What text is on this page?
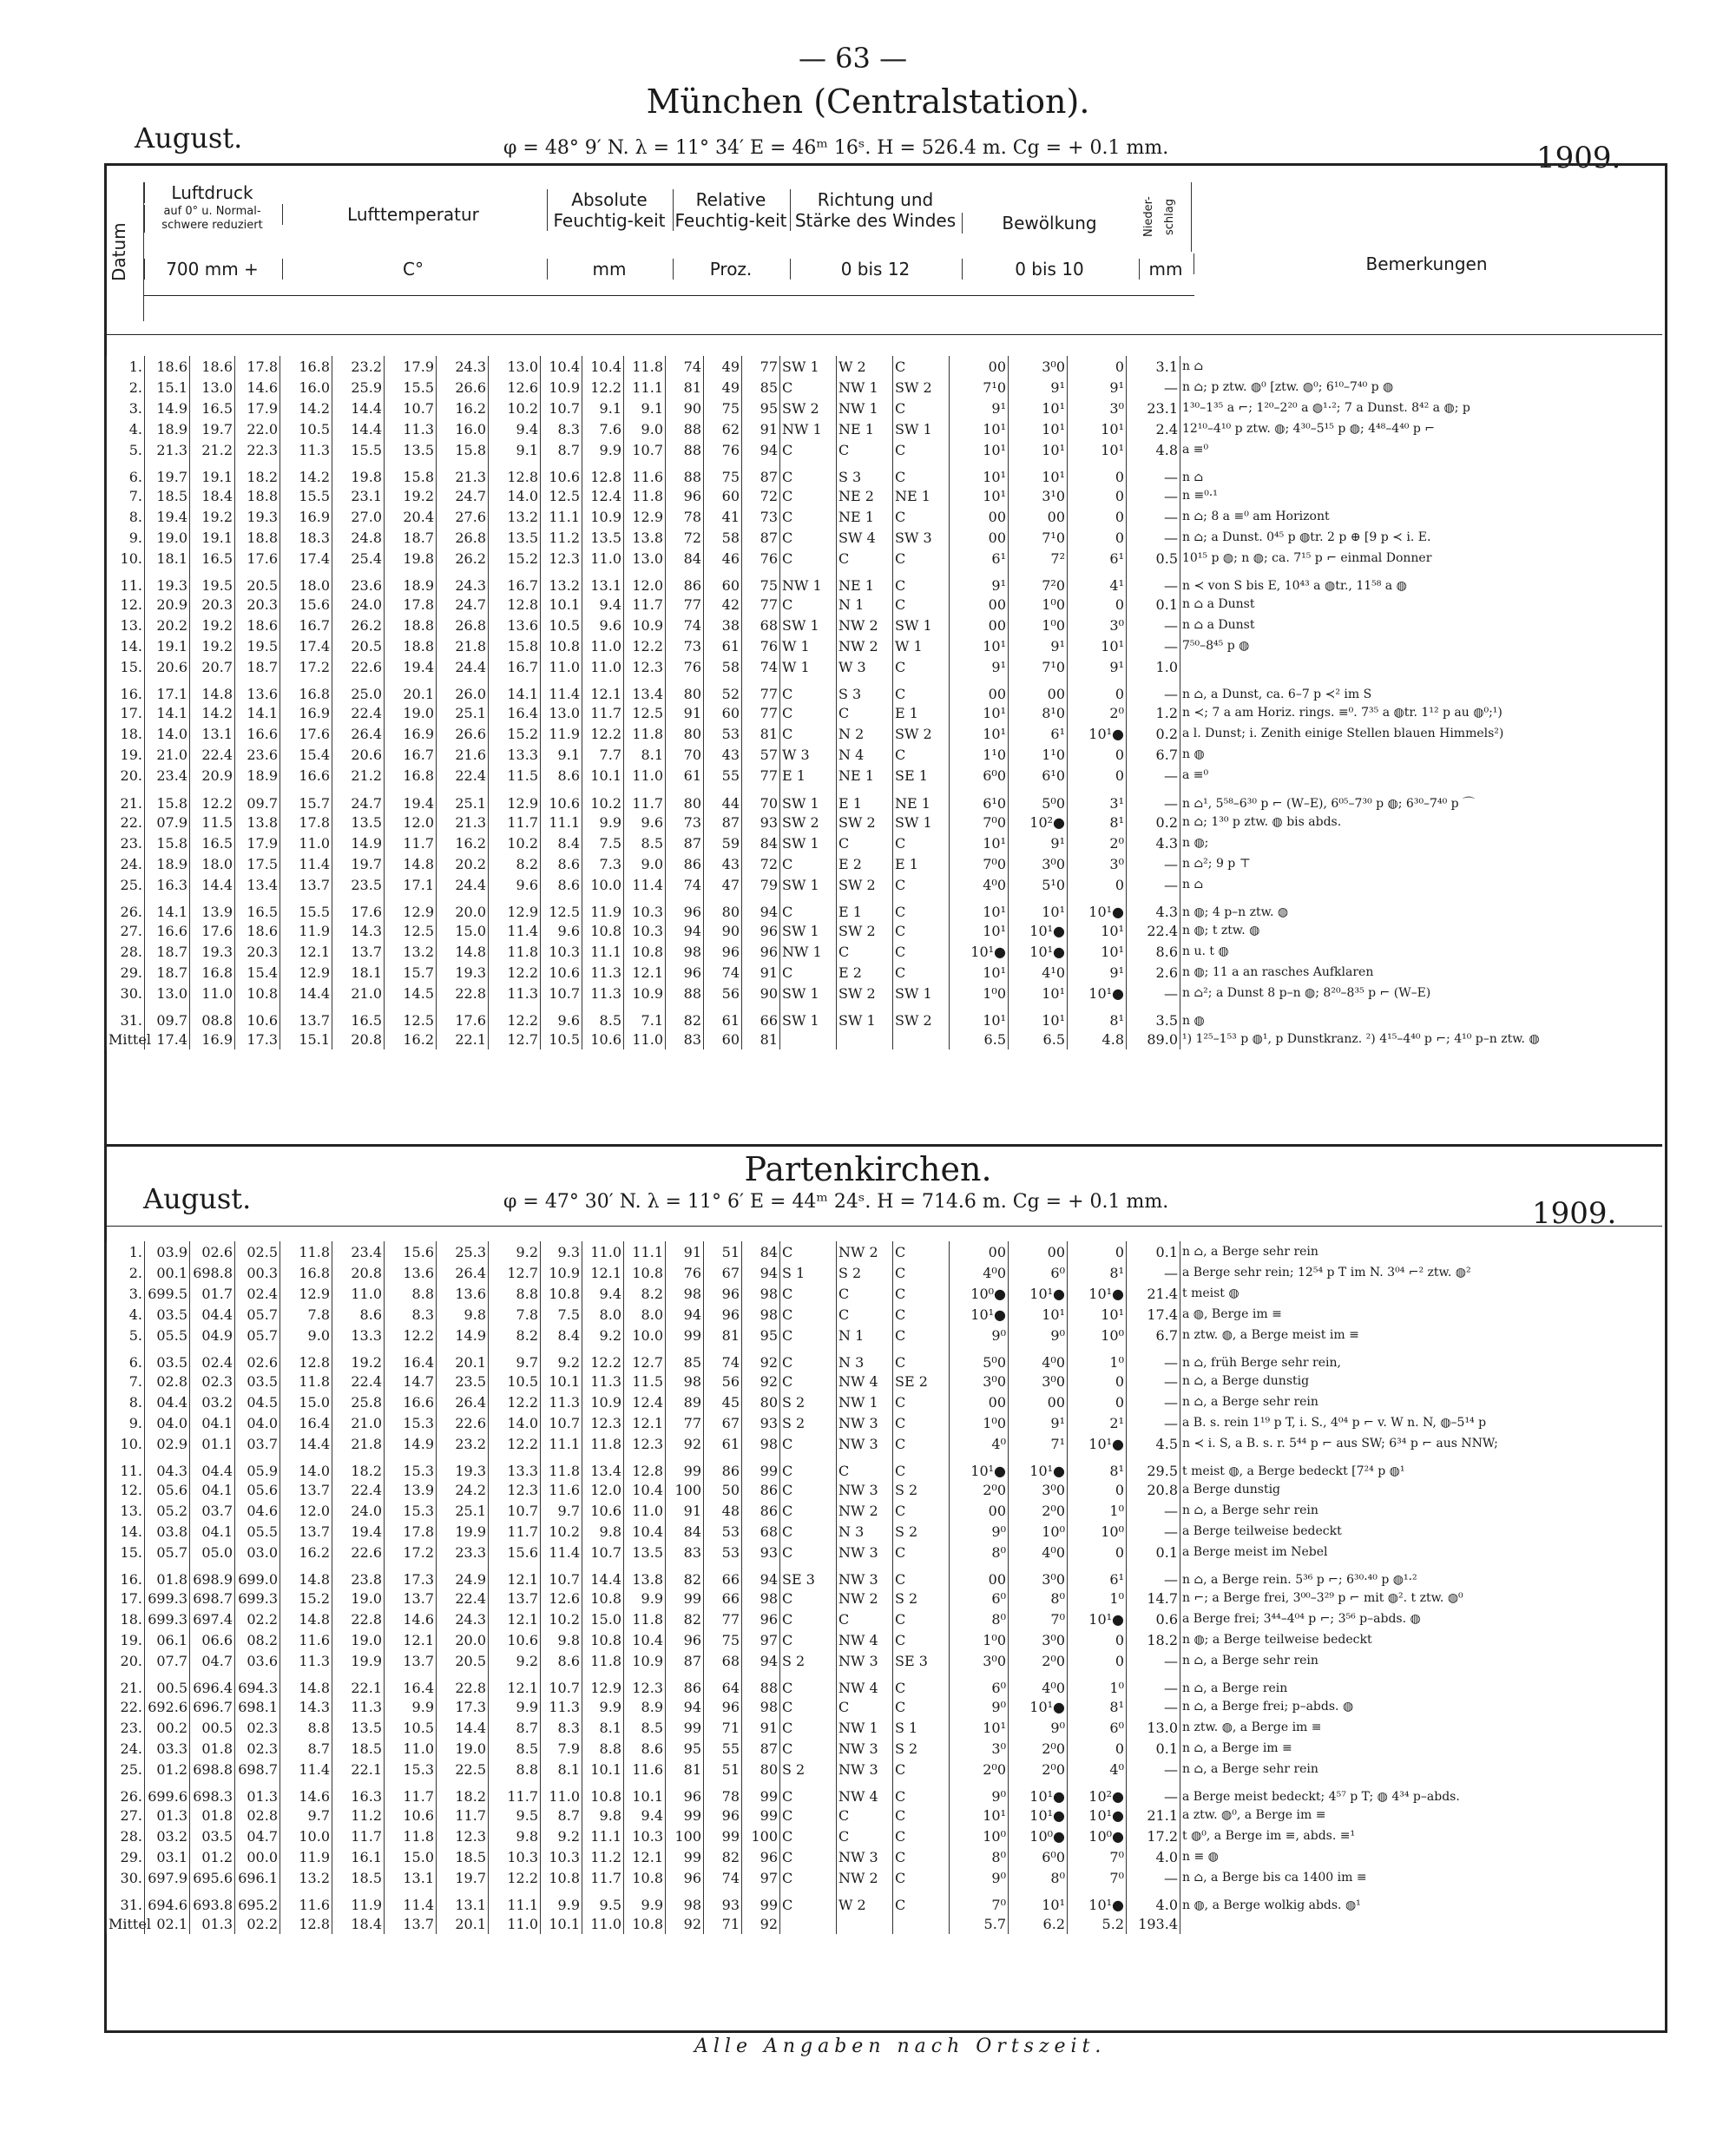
— 63 —
München (Centralstation).
August.	φ = 48° 9′ N. λ = 11° 34′ E = 46ᵐ 16ˢ. H = 526.4 m. Cg = + 0.1 mm.	1909.
Datum
Luftdruck
auf 0° u. Normal-schwere reduziert
700 mm +
Lufttemperatur
C°
Absolute Feuchtig-keit
mm
Relative Feuchtig-keit
Proz.
Richtung und Stärke des Windes
0 bis 12
Bewölkung
0 bis 10
Nieder-schlag
mm	Bemerkungen
1.	18.6	18.6	17.8	16.8	23.2	17.9	24.3	13.0	10.4	10.4	11.8	74	49	77	SW 1	W 2	C	00	3⁰0	0	3.1	n ⌂
2.	15.1	13.0	14.6	16.0	25.9	15.5	26.6	12.6	10.9	12.2	11.1	81	49	85	C	NW 1	SW 2	7¹0	9¹	9¹	—	n ⌂; p ztw. ◍⁰ [ztw. ◍⁰; 6¹⁰–7⁴⁰ p ◍
3.	14.9	16.5	17.9	14.2	14.4	10.7	16.2	10.2	10.7	9.1	9.1	90	75	95	SW 2	NW 1	C	9¹	10¹	3⁰	23.1	1³⁰–1³⁵ a ⌐; 1²⁰–2²⁰ a ◍¹·²; 7 a Dunst. 8⁴² a ◍; p
4.	18.9	19.7	22.0	10.5	14.4	11.3	16.0	9.4	8.3	7.6	9.0	88	62	91	NW 1	NE 1	SW 1	10¹	10¹	10¹	2.4	12¹⁰–4¹⁰ p ztw. ◍; 4³⁰–5¹⁵ p ◍; 4⁴⁸–4⁴⁰ p ⌐
5.	21.3	21.2	22.3	11.3	15.5	13.5	15.8	9.1	8.7	9.9	10.7	88	76	94	C	C	C	10¹	10¹	10¹	4.8	a ≡⁰
6.	19.7	19.1	18.2	14.2	19.8	15.8	21.3	12.8	10.6	12.8	11.6	88	75	87	C	S 3	C	10¹	10¹	0	—	n ⌂
7.	18.5	18.4	18.8	15.5	23.1	19.2	24.7	14.0	12.5	12.4	11.8	96	60	72	C	NE 2	NE 1	10¹	3¹0	0	—	n ≡⁰·¹
8.	19.4	19.2	19.3	16.9	27.0	20.4	27.6	13.2	11.1	10.9	12.9	78	41	73	C	NE 1	C	00	00	0	—	n ⌂; 8 a ≡⁰ am Horizont
9.	19.0	19.1	18.8	18.3	24.8	18.7	26.8	13.5	11.2	13.5	13.8	72	58	87	C	SW 4	SW 3	00	7¹0	0	—	n ⌂; a Dunst. 0⁴⁵ p ◍tr. 2 p ⊕ [9 p ≺ i. E.
10.	18.1	16.5	17.6	17.4	25.4	19.8	26.2	15.2	12.3	11.0	13.0	84	46	76	C	C	C	6¹	7²	6¹	0.5	10¹⁵ p ◍; n ◍; ca. 7¹⁵ p ⌐ einmal Donner
11.	19.3	19.5	20.5	18.0	23.6	18.9	24.3	16.7	13.2	13.1	12.0	86	60	75	NW 1	NE 1	C	9¹	7²0	4¹	—	n ≺ von S bis E, 10⁴³ a ◍tr., 11⁵⁸ a ◍
12.	20.9	20.3	20.3	15.6	24.0	17.8	24.7	12.8	10.1	9.4	11.7	77	42	77	C	N 1	C	00	1⁰0	0	0.1	n ⌂ a Dunst
13.	20.2	19.2	18.6	16.7	26.2	18.8	26.8	13.6	10.5	9.6	10.9	74	38	68	SW 1	NW 2	SW 1	00	1⁰0	3⁰	—	n ⌂ a Dunst
14.	19.1	19.2	19.5	17.4	20.5	18.8	21.8	15.8	10.8	11.0	12.2	73	61	76	W 1	NW 2	W 1	10¹	9¹	10¹	—	7⁵⁰–8⁴⁵ p ◍
15.	20.6	20.7	18.7	17.2	22.6	19.4	24.4	16.7	11.0	11.0	12.3	76	58	74	W 1	W 3	C	9¹	7¹0	9¹	1.0	
16.	17.1	14.8	13.6	16.8	25.0	20.1	26.0	14.1	11.4	12.1	13.4	80	52	77	C	S 3	C	00	00	0	—	n ⌂, a Dunst, ca. 6–7 p ≺² im S
17.	14.1	14.2	14.1	16.9	22.4	19.0	25.1	16.4	13.0	11.7	12.5	91	60	77	C	C	E 1	10¹	8¹0	2⁰	1.2	n ≺; 7 a am Horiz. rings. ≡⁰. 7³⁵ a ◍tr. 1¹² p au ◍⁰;¹)
18.	14.0	13.1	16.6	17.6	26.4	16.9	26.6	15.2	11.9	12.2	11.8	80	53	81	C	N 2	SW 2	10¹	6¹	10¹●	0.2	a l. Dunst; i. Zenith einige Stellen blauen Himmels²)
19.	21.0	22.4	23.6	15.4	20.6	16.7	21.6	13.3	9.1	7.7	8.1	70	43	57	W 3	N 4	C	1¹0	1¹0	0	6.7	n ◍
20.	23.4	20.9	18.9	16.6	21.2	16.8	22.4	11.5	8.6	10.1	11.0	61	55	77	E 1	NE 1	SE 1	6⁰0	6¹0	0	—	a ≡⁰
21.	15.8	12.2	09.7	15.7	24.7	19.4	25.1	12.9	10.6	10.2	11.7	80	44	70	SW 1	E 1	NE 1	6¹0	5⁰0	3¹	—	n ⌂¹, 5⁵⁸–6³⁰ p ⌐ (W–E), 6⁰⁵–7³⁰ p ◍; 6³⁰–7⁴⁰ p ⌒
22.	07.9	11.5	13.8	17.8	13.5	12.0	21.3	11.7	11.1	9.9	9.6	73	87	93	SW 2	SW 2	SW 1	7⁰0	10²●	8¹	0.2	n ⌂; 1³⁰ p ztw. ◍ bis abds.
23.	15.8	16.5	17.9	11.0	14.9	11.7	16.2	10.2	8.4	7.5	8.5	87	59	84	SW 1	C	C	10¹	9¹	2⁰	4.3	n ◍;
24.	18.9	18.0	17.5	11.4	19.7	14.8	20.2	8.2	8.6	7.3	9.0	86	43	72	C	E 2	E 1	7⁰0	3⁰0	3⁰	—	n ⌂²; 9 p ⊤
25.	16.3	14.4	13.4	13.7	23.5	17.1	24.4	9.6	8.6	10.0	11.4	74	47	79	SW 1	SW 2	C	4⁰0	5¹0	0	—	n ⌂
26.	14.1	13.9	16.5	15.5	17.6	12.9	20.0	12.9	12.5	11.9	10.3	96	80	94	C	E 1	C	10¹	10¹	10¹●	4.3	n ◍; 4 p–n ztw. ◍
27.	16.6	17.6	18.6	11.9	14.3	12.5	15.0	11.4	9.6	10.8	10.3	94	90	96	SW 1	SW 2	C	10¹	10¹●	10¹	22.4	n ◍; t ztw. ◍
28.	18.7	19.3	20.3	12.1	13.7	13.2	14.8	11.8	10.3	11.1	10.8	98	96	96	NW 1	C	C	10¹●	10¹●	10¹	8.6	n u. t ◍
29.	18.7	16.8	15.4	12.9	18.1	15.7	19.3	12.2	10.6	11.3	12.1	96	74	91	C	E 2	C	10¹	4¹0	9¹	2.6	n ◍; 11 a an rasches Aufklaren
30.	13.0	11.0	10.8	14.4	21.0	14.5	22.8	11.3	10.7	11.3	10.9	88	56	90	SW 1	SW 2	SW 1	1⁰0	10¹	10¹●	—	n ⌂²; a Dunst 8 p–n ◍; 8²⁰–8³⁵ p ⌐ (W–E)
31.	09.7	08.8	10.6	13.7	16.5	12.5	17.6	12.2	9.6	8.5	7.1	82	61	66	SW 1	SW 1	SW 2	10¹	10¹	8¹	3.5	n ◍
Mittel	17.4	16.9	17.3	15.1	20.8	16.2	22.1	12.7	10.5	10.6	11.0	83	60	81				6.5	6.5	4.8	89.0	¹) 1²⁵–1⁵³ p ◍¹, p Dunstkranz. ²) 4¹⁵–4⁴⁰ p ⌐; 4¹⁰ p–n ztw. ◍
Partenkirchen.
August.	φ = 47° 30′ N. λ = 11° 6′ E = 44ᵐ 24ˢ. H = 714.6 m. Cg = + 0.1 mm.	1909.
1.	03.9	02.6	02.5	11.8	23.4	15.6	25.3	9.2	9.3	11.0	11.1	91	51	84	C	NW 2	C	00	00	0	0.1	n ⌂, a Berge sehr rein
2.	00.1	698.8	00.3	16.8	20.8	13.6	26.4	12.7	10.9	12.1	10.8	76	67	94	S 1	S 2	C	4⁰0	6⁰	8¹	—	a Berge sehr rein; 12⁵⁴ p T im N. 3⁰⁴ ⌐² ztw. ◍²
3.	699.5	01.7	02.4	12.9	11.0	8.8	13.6	8.8	10.8	9.4	8.2	98	96	98	C	C	C	10⁰●	10¹●	10¹●	21.4	t meist ◍
4.	03.5	04.4	05.7	7.8	8.6	8.3	9.8	7.8	7.5	8.0	8.0	94	96	98	C	C	C	10¹●	10¹	10¹	17.4	a ◍, Berge im ≡
5.	05.5	04.9	05.7	9.0	13.3	12.2	14.9	8.2	8.4	9.2	10.0	99	81	95	C	N 1	C	9⁰	9⁰	10⁰	6.7	n ztw. ◍, a Berge meist im ≡
6.	03.5	02.4	02.6	12.8	19.2	16.4	20.1	9.7	9.2	12.2	12.7	85	74	92	C	N 3	C	5⁰0	4⁰0	1⁰	—	n ⌂, früh Berge sehr rein,
7.	02.8	02.3	03.5	11.8	22.4	14.7	23.5	10.5	10.1	11.3	11.5	98	56	92	C	NW 4	SE 2	3⁰0	3⁰0	0	—	n ⌂, a Berge dunstig
8.	04.4	03.2	04.5	15.0	25.8	16.6	26.4	12.2	11.3	10.9	12.4	89	45	80	S 2	NW 1	C	00	00	0	—	n ⌂, a Berge sehr rein
9.	04.0	04.1	04.0	16.4	21.0	15.3	22.6	14.0	10.7	12.3	12.1	77	67	93	S 2	NW 3	C	1⁰0	9¹	2¹	—	a B. s. rein 1¹⁹ p T, i. S., 4⁰⁴ p ⌐ v. W n. N, ◍–5¹⁴ p
10.	02.9	01.1	03.7	14.4	21.8	14.9	23.2	12.2	11.1	11.8	12.3	92	61	98	C	NW 3	C	4⁰	7¹	10¹●	4.5	n ≺ i. S, a B. s. r. 5⁴⁴ p ⌐ aus SW; 6³⁴ p ⌐ aus NNW;
11.	04.3	04.4	05.9	14.0	18.2	15.3	19.3	13.3	11.8	13.4	12.8	99	86	99	C	C	C	10¹●	10¹●	8¹	29.5	t meist ◍, a Berge bedeckt [7²⁴ p ◍¹
12.	05.6	04.1	05.6	13.7	22.4	13.9	24.2	12.3	11.6	12.0	10.4	100	50	86	C	NW 3	S 2	2⁰0	3⁰0	0	20.8	a Berge dunstig
13.	05.2	03.7	04.6	12.0	24.0	15.3	25.1	10.7	9.7	10.6	11.0	91	48	86	C	NW 2	C	00	2⁰0	1⁰	—	n ⌂, a Berge sehr rein
14.	03.8	04.1	05.5	13.7	19.4	17.8	19.9	11.7	10.2	9.8	10.4	84	53	68	C	N 3	S 2	9⁰	10⁰	10⁰	—	a Berge teilweise bedeckt
15.	05.7	05.0	03.0	16.2	22.6	17.2	23.3	15.6	11.4	10.7	13.5	83	53	93	C	NW 3	C	8⁰	4⁰0	0	0.1	a Berge meist im Nebel
16.	01.8	698.9	699.0	14.8	23.8	17.3	24.9	12.1	10.7	14.4	13.8	82	66	94	SE 3	NW 3	C	00	3⁰0	6¹	—	n ⌂, a Berge rein. 5³⁶ p ⌐; 6³⁰·⁴⁰ p ◍¹·²
17.	699.3	698.7	699.3	15.2	19.0	13.7	22.4	13.7	12.6	10.8	9.9	99	66	98	C	NW 2	S 2	6⁰	8⁰	1⁰	14.7	n ⌐; a Berge frei, 3⁰⁰–3²⁹ p ⌐ mit ◍². t ztw. ◍⁰
18.	699.3	697.4	02.2	14.8	22.8	14.6	24.3	12.1	10.2	15.0	11.8	82	77	96	C	C	C	8⁰	7⁰	10¹●	0.6	a Berge frei; 3⁴⁴–4⁰⁴ p ⌐; 3⁵⁶ p–abds. ◍
19.	06.1	06.6	08.2	11.6	19.0	12.1	20.0	10.6	9.8	10.8	10.4	96	75	97	C	NW 4	C	1⁰0	3⁰0	0	18.2	n ◍; a Berge teilweise bedeckt
20.	07.7	04.7	03.6	11.3	19.9	13.7	20.5	9.2	8.6	11.8	10.9	87	68	94	S 2	NW 3	SE 3	3⁰0	2⁰0	0	—	n ⌂, a Berge sehr rein
21.	00.5	696.4	694.3	14.8	22.1	16.4	22.8	12.1	10.7	12.9	12.3	86	64	88	C	NW 4	C	6⁰	4⁰0	1⁰	—	n ⌂, a Berge rein
22.	692.6	696.7	698.1	14.3	11.3	9.9	17.3	9.9	11.3	9.9	8.9	94	96	98	C	C	C	9⁰	10¹●	8¹	—	n ⌂, a Berge frei; p–abds. ◍
23.	00.2	00.5	02.3	8.8	13.5	10.5	14.4	8.7	8.3	8.1	8.5	99	71	91	C	NW 1	S 1	10¹	9⁰	6⁰	13.0	n ztw. ◍, a Berge im ≡
24.	03.3	01.8	02.3	8.7	18.5	11.0	19.0	8.5	7.9	8.8	8.6	95	55	87	C	NW 3	S 2	3⁰	2⁰0	0	0.1	n ⌂, a Berge im ≡
25.	01.2	698.8	698.7	11.4	22.1	15.3	22.5	8.8	8.1	10.1	11.6	81	51	80	S 2	NW 3	C	2⁰0	2⁰0	4⁰	—	n ⌂, a Berge sehr rein
26.	699.6	698.3	01.3	14.6	16.3	11.7	18.2	11.7	11.0	10.8	10.1	96	78	99	C	NW 4	C	9⁰	10¹●	10²●	—	a Berge meist bedeckt; 4⁵⁷ p T; ◍ 4³⁴ p–abds.
27.	01.3	01.8	02.8	9.7	11.2	10.6	11.7	9.5	8.7	9.8	9.4	99	96	99	C	C	C	10¹	10¹●	10¹●	21.1	a ztw. ◍⁰, a Berge im ≡
28.	03.2	03.5	04.7	10.0	11.7	11.8	12.3	9.8	9.2	11.1	10.3	100	99	100	C	C	C	10⁰	10⁰●	10⁰●	17.2	t ◍⁰, a Berge im ≡, abds. ≡¹
29.	03.1	01.2	00.0	11.9	16.1	15.0	18.5	10.3	10.3	11.2	12.1	99	82	96	C	NW 3	C	8⁰	6⁰0	7⁰	4.0	n ≡ ◍
30.	697.9	695.6	696.1	13.2	18.5	13.1	19.7	12.2	10.8	11.7	10.8	96	74	97	C	NW 2	C	9⁰	8⁰	7⁰	—	n ⌂, a Berge bis ca 1400 im ≡
31.	694.6	693.8	695.2	11.6	11.9	11.4	13.1	11.1	9.9	9.5	9.9	98	93	99	C	W 2	C	7⁰	10¹	10¹●	4.0	n ◍, a Berge wolkig abds. ◍¹
Mittel	02.1	01.3	02.2	12.8	18.4	13.7	20.1	11.0	10.1	11.0	10.8	92	71	92				5.7	6.2	5.2	193.4	
Alle Angaben nach Ortszeit.
